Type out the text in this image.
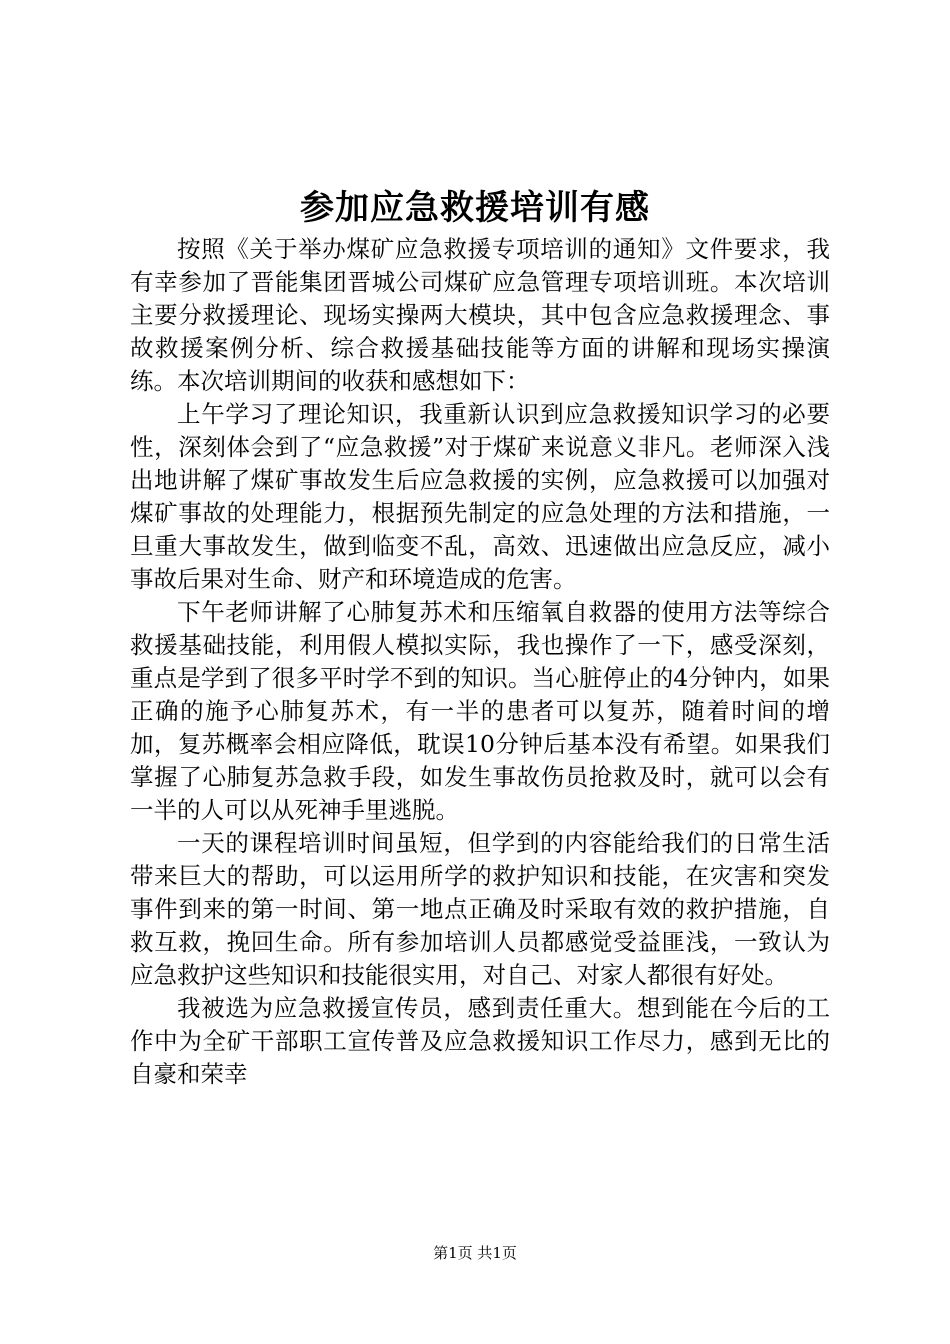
参加应急救援培训有感

按照《关于举办煤矿应急救援专项培训的通知》文件要求，我有幸参加了晋能集团晋城公司煤矿应急管理专项培训班。本次培训主要分救援理论、现场实操两大模块，其中包含应急救援理念、事故救援案例分析、综合救援基础技能等方面的讲解和现场实操演练。本次培训期间的收获和感想如下：

上午学习了理论知识，我重新认识到应急救援知识学习的必要性，深刻体会到了“应急救援”对于煤矿来说意义非凡。老师深入浅出地讲解了煤矿事故发生后应急救援的实例，应急救援可以加强对煤矿事故的处理能力，根据预先制定的应急处理的方法和措施，一旦重大事故发生，做到临变不乱，高效、迅速做出应急反应，减小事故后果对生命、财产和环境造成的危害。

下午老师讲解了心肺复苏术和压缩氧自救器的使用方法等综合救援基础技能，利用假人模拟实际，我也操作了一下，感受深刻，重点是学到了很多平时学不到的知识。当心脏停止的4分钟内，如果正确的施予心肺复苏术，有一半的患者可以复苏，随着时间的增加，复苏概率会相应降低，耽误10分钟后基本没有希望。如果我们掌握了心肺复苏急救手段，如发生事故伤员抢救及时，就可以会有一半的人可以从死神手里逃脱。

一天的课程培训时间虽短，但学到的内容能给我们的日常生活带来巨大的帮助，可以运用所学的救护知识和技能，在灾害和突发事件到来的第一时间、第一地点正确及时采取有效的救护措施，自救互救，挽回生命。所有参加培训人员都感觉受益匪浅，一致认为应急救护这些知识和技能很实用，对自己、对家人都很有好处。

我被选为应急救援宣传员，感到责任重大。想到能在今后的工作中为全矿干部职工宣传普及应急救援知识工作尽力，感到无比的自豪和荣幸

第1页 共1页
